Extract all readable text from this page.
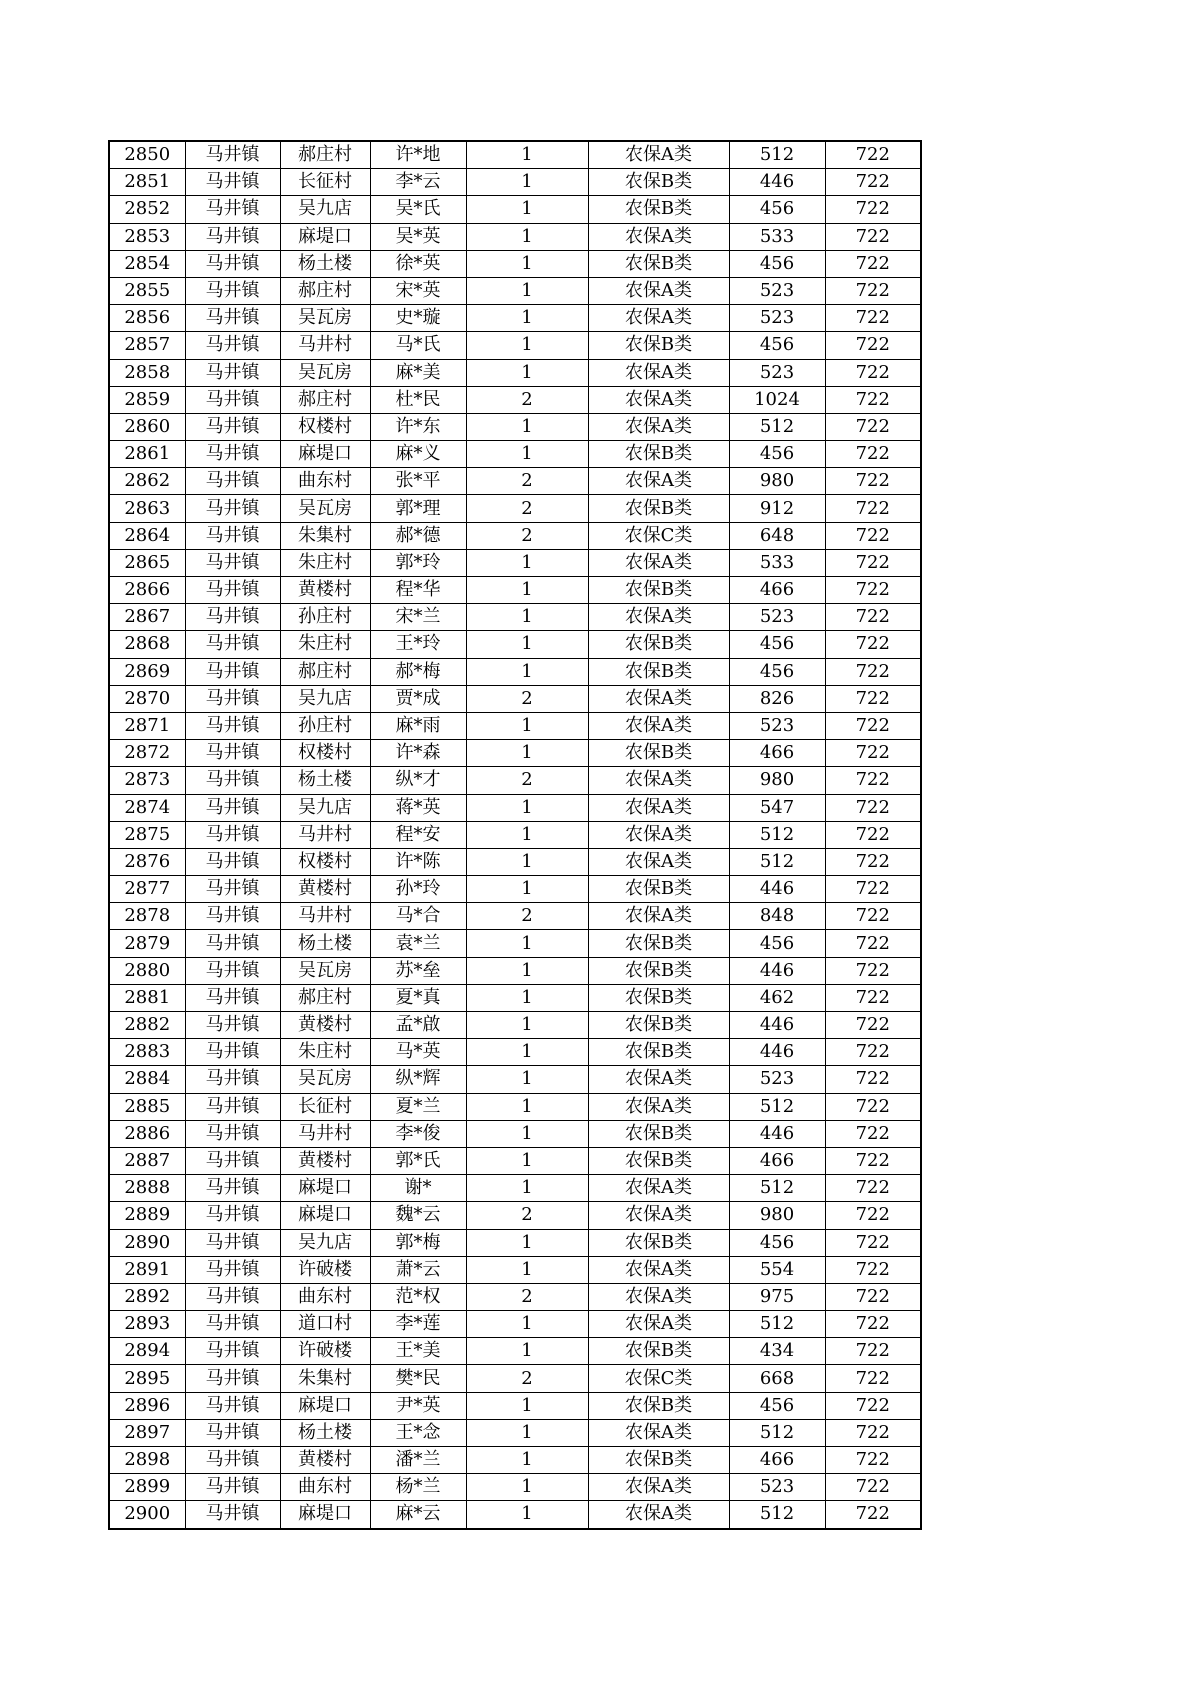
2850	马井镇	郝庄村	许*地	1	农保A类	512	722
2851	马井镇	长征村	李*云	1	农保B类	446	722
2852	马井镇	吴九店	吴*氏	1	农保B类	456	722
2853	马井镇	麻堤口	吴*英	1	农保A类	533	722
2854	马井镇	杨土楼	徐*英	1	农保B类	456	722
2855	马井镇	郝庄村	宋*英	1	农保A类	523	722
2856	马井镇	吴瓦房	史*璇	1	农保A类	523	722
2857	马井镇	马井村	马*氏	1	农保B类	456	722
2858	马井镇	吴瓦房	麻*美	1	农保A类	523	722
2859	马井镇	郝庄村	杜*民	2	农保A类	1024	722
2860	马井镇	权楼村	许*东	1	农保A类	512	722
2861	马井镇	麻堤口	麻*义	1	农保B类	456	722
2862	马井镇	曲东村	张*平	2	农保A类	980	722
2863	马井镇	吴瓦房	郭*理	2	农保B类	912	722
2864	马井镇	朱集村	郝*德	2	农保C类	648	722
2865	马井镇	朱庄村	郭*玲	1	农保A类	533	722
2866	马井镇	黄楼村	程*华	1	农保B类	466	722
2867	马井镇	孙庄村	宋*兰	1	农保A类	523	722
2868	马井镇	朱庄村	王*玲	1	农保B类	456	722
2869	马井镇	郝庄村	郝*梅	1	农保B类	456	722
2870	马井镇	吴九店	贾*成	2	农保A类	826	722
2871	马井镇	孙庄村	麻*雨	1	农保A类	523	722
2872	马井镇	权楼村	许*森	1	农保B类	466	722
2873	马井镇	杨土楼	纵*才	2	农保A类	980	722
2874	马井镇	吴九店	蒋*英	1	农保A类	547	722
2875	马井镇	马井村	程*安	1	农保A类	512	722
2876	马井镇	权楼村	许*陈	1	农保A类	512	722
2877	马井镇	黄楼村	孙*玲	1	农保B类	446	722
2878	马井镇	马井村	马*合	2	农保A类	848	722
2879	马井镇	杨土楼	袁*兰	1	农保B类	456	722
2880	马井镇	吴瓦房	苏*垒	1	农保B类	446	722
2881	马井镇	郝庄村	夏*真	1	农保B类	462	722
2882	马井镇	黄楼村	孟*啟	1	农保B类	446	722
2883	马井镇	朱庄村	马*英	1	农保B类	446	722
2884	马井镇	吴瓦房	纵*辉	1	农保A类	523	722
2885	马井镇	长征村	夏*兰	1	农保A类	512	722
2886	马井镇	马井村	李*俊	1	农保B类	446	722
2887	马井镇	黄楼村	郭*氏	1	农保B类	466	722
2888	马井镇	麻堤口	谢*	1	农保A类	512	722
2889	马井镇	麻堤口	魏*云	2	农保A类	980	722
2890	马井镇	吴九店	郭*梅	1	农保B类	456	722
2891	马井镇	许破楼	萧*云	1	农保A类	554	722
2892	马井镇	曲东村	范*权	2	农保A类	975	722
2893	马井镇	道口村	李*莲	1	农保A类	512	722
2894	马井镇	许破楼	王*美	1	农保B类	434	722
2895	马井镇	朱集村	樊*民	2	农保C类	668	722
2896	马井镇	麻堤口	尹*英	1	农保B类	456	722
2897	马井镇	杨土楼	王*念	1	农保A类	512	722
2898	马井镇	黄楼村	潘*兰	1	农保B类	466	722
2899	马井镇	曲东村	杨*兰	1	农保A类	523	722
2900	马井镇	麻堤口	麻*云	1	农保A类	512	722
